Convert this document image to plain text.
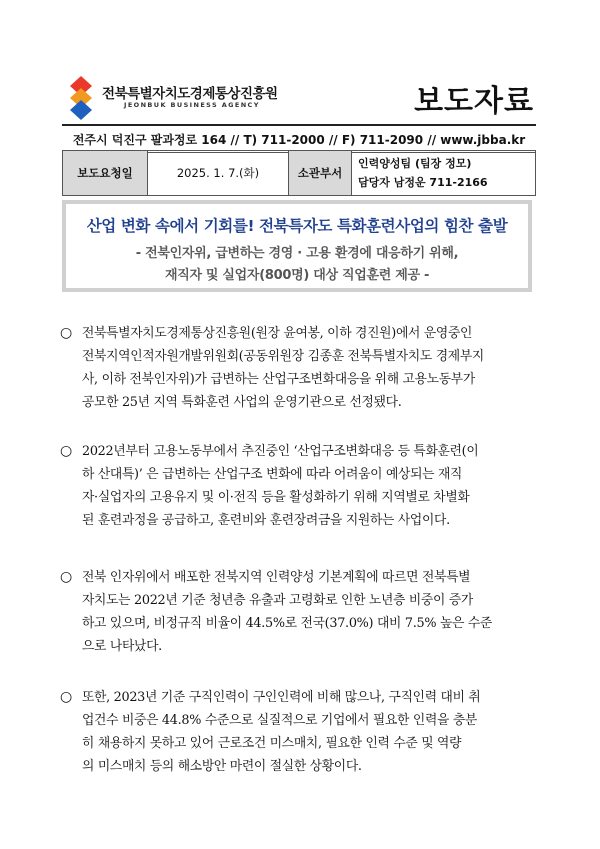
전북특별자치도경제통상진흥원
JEONBUK BUSINESS AGENCY	보도자료
전주시 덕진구 팔과정로 164 // T) 711-2000 // F) 711-2090 // www.jbba.kr
보도요청일	2025. 1. 7.(화)	소관부서	
인력양성팀 (팀장 정모)
담당자 남정운 711-2166
산업 변화 속에서 기회를! 전북특자도 특화훈련사업의 힘찬 출발
- 전북인자위, 급변하는 경영 · 고용 환경에 대응하기 위해,
재직자 및 실업자(800명) 대상 직업훈련 제공 -
○ 전북특별자치도경제통상진흥원(원장 윤여봉, 이하 경진원)에서 운영중인
전북지역인적자원개발위원회(공동위원장 김종훈 전북특별자치도 경제부지
사, 이하 전북인자위)가 급변하는 산업구조변화대응을 위해 고용노동부가
공모한 25년 지역 특화훈련 사업의 운영기관으로 선정됐다.
○ 2022년부터 고용노동부에서 추진중인 ‘산업구조변화대응 등 특화훈련(이
하 산대특)’ 은 급변하는 산업구조 변화에 따라 어려움이 예상되는 재직
자·실업자의 고용유지 및 이·전직 등을 활성화하기 위해 지역별로 차별화
된 훈련과정을 공급하고, 훈련비와 훈련장려금을 지원하는 사업이다.
○ 전북 인자위에서 배포한 전북지역 인력양성 기본계획에 따르면 전북특별
자치도는 2022년 기준 청년층 유출과 고령화로 인한 노년층 비중이 증가
하고 있으며, 비정규직 비율이 44.5%로 전국(37.0%) 대비 7.5% 높은 수준
으로 나타났다.
○ 또한, 2023년 기준 구직인력이 구인인력에 비해 많으나, 구직인력 대비 취
업건수 비중은 44.8% 수준으로 실질적으로 기업에서 필요한 인력을 충분
히 채용하지 못하고 있어 근로조건 미스매치, 필요한 인력 수준 및 역량
의 미스매치 등의 해소방안 마련이 절실한 상황이다.
